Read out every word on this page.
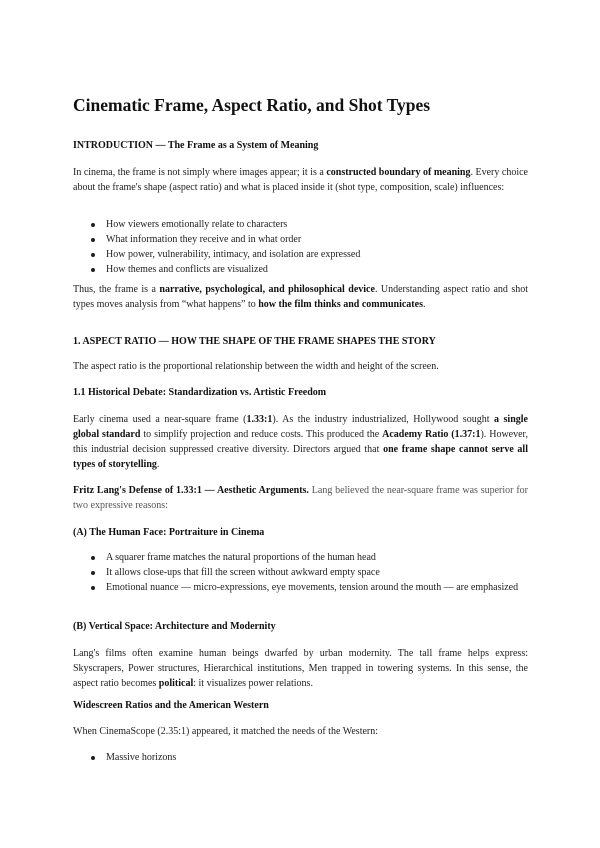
Cinematic Frame, Aspect Ratio, and Shot Types

INTRODUCTION — The Frame as a System of Meaning

In cinema, the frame is not simply where images appear; it is a constructed boundary of meaning. Every choice about the frame's shape (aspect ratio) and what is placed inside it (shot type, composition, scale) influences:

How viewers emotionally relate to characters
What information they receive and in what order
How power, vulnerability, intimacy, and isolation are expressed
How themes and conflicts are visualized

Thus, the frame is a narrative, psychological, and philosophical device. Understanding aspect ratio and shot types moves analysis from “what happens” to how the film thinks and communicates.

1. ASPECT RATIO — HOW THE SHAPE OF THE FRAME SHAPES THE STORY

The aspect ratio is the proportional relationship between the width and height of the screen.

1.1 Historical Debate: Standardization vs. Artistic Freedom

Early cinema used a near-square frame (1.33:1). As the industry industrialized, Hollywood sought a single global standard to simplify projection and reduce costs. This produced the Academy Ratio (1.37:1). However, this industrial decision suppressed creative diversity. Directors argued that one frame shape cannot serve all types of storytelling.

Fritz Lang's Defense of 1.33:1 — Aesthetic Arguments. Lang believed the near-square frame was superior for two expressive reasons:

(A) The Human Face: Portraiture in Cinema

A squarer frame matches the natural proportions of the human head
It allows close-ups that fill the screen without awkward empty space
Emotional nuance — micro-expressions, eye movements, tension around the mouth — are emphasized

(B) Vertical Space: Architecture and Modernity

Lang's films often examine human beings dwarfed by urban modernity. The tall frame helps express: Skyscrapers, Power structures, Hierarchical institutions, Men trapped in towering systems. In this sense, the aspect ratio becomes political: it visualizes power relations.

Widescreen Ratios and the American Western

When CinemaScope (2.35:1) appeared, it matched the needs of the Western:

Massive horizons
